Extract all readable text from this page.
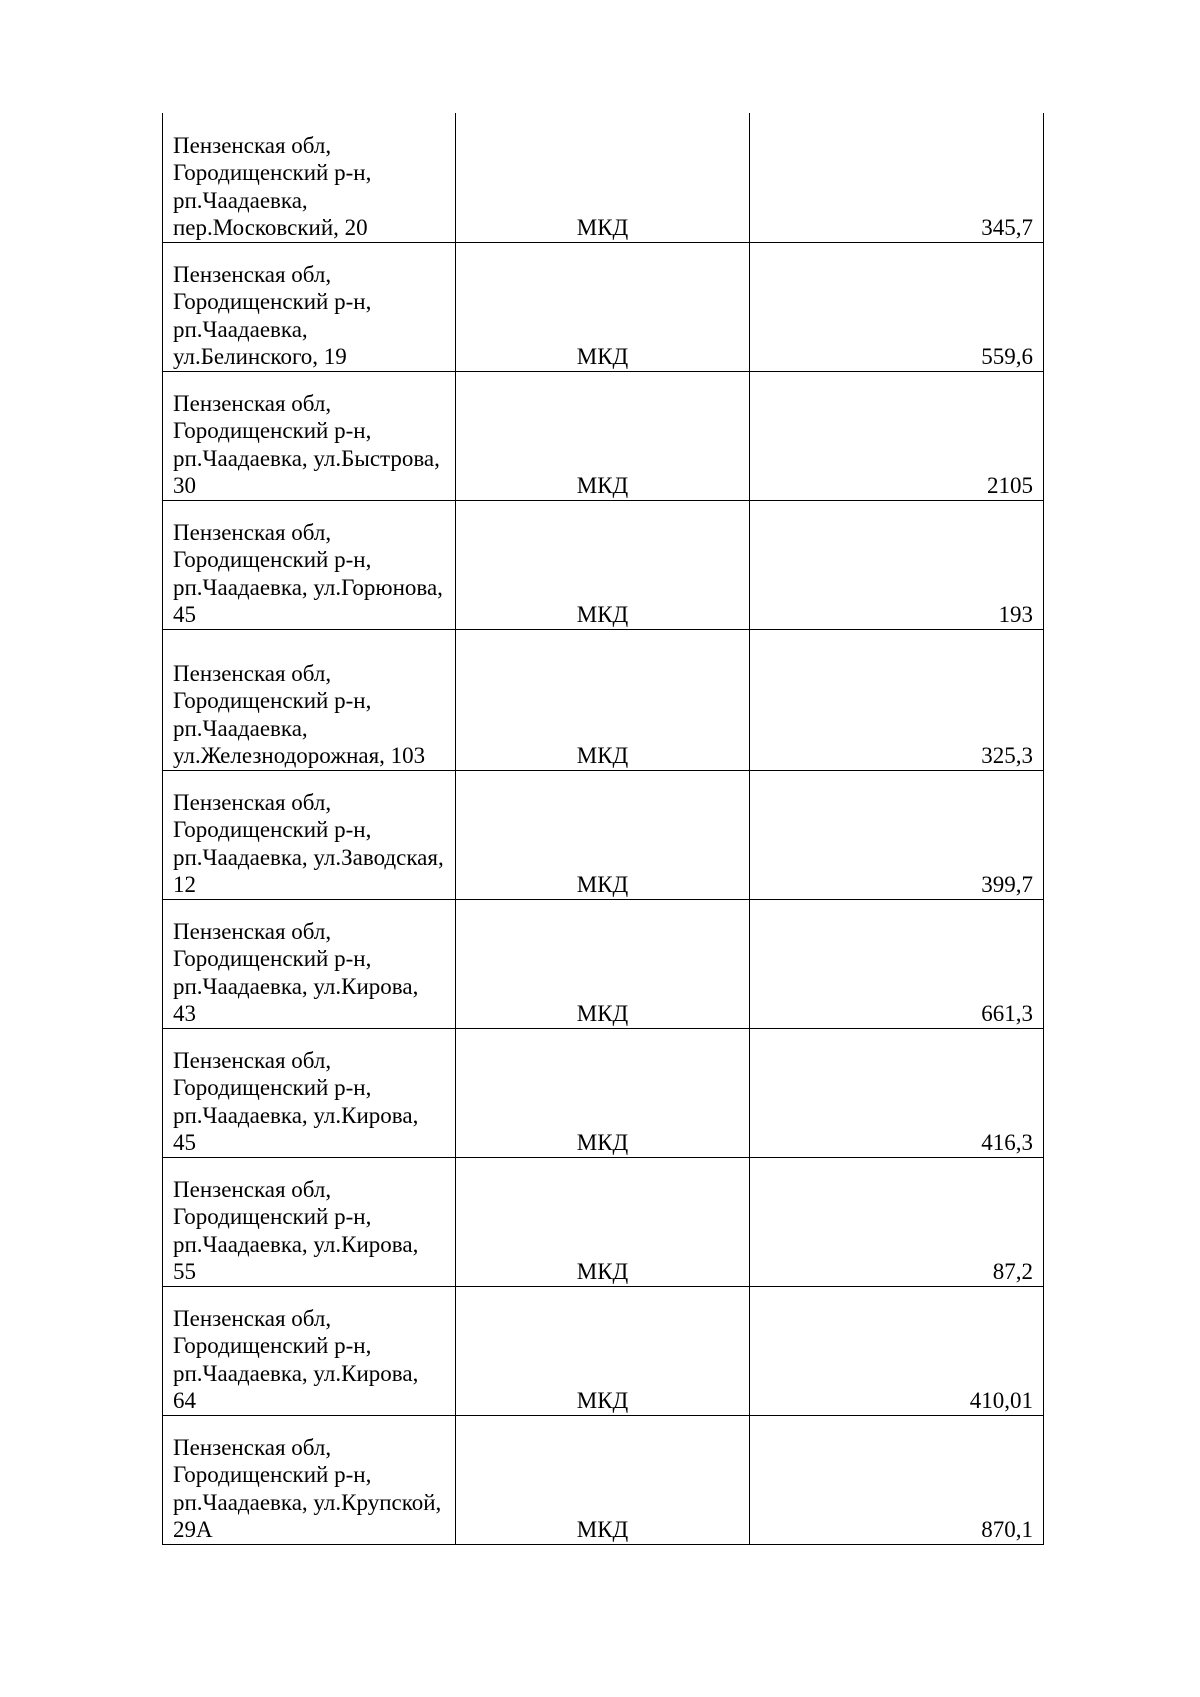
Пензенская обл, Городищенский р-н, рп.Чаадаевка, пер.Московский, 20	МКД	345,7

Пензенская обл, Городищенский р-н, рп.Чаадаевка, ул.Белинского, 19	МКД	559,6

Пензенская обл, Городищенский р-н, рп.Чаадаевка, ул.Быстрова, 30	МКД	2105

Пензенская обл, Городищенский р-н, рп.Чаадаевка, ул.Горюнова, 45	МКД	193

Пензенская обл, Городищенский р-н, рп.Чаадаевка, ул.Железнодорожная, 103	МКД	325,3

Пензенская обл, Городищенский р-н, рп.Чаадаевка, ул.Заводская, 12	МКД	399,7

Пензенская обл, Городищенский р-н, рп.Чаадаевка, ул.Кирова, 43	МКД	661,3

Пензенская обл, Городищенский р-н, рп.Чаадаевка, ул.Кирова, 45	МКД	416,3

Пензенская обл, Городищенский р-н, рп.Чаадаевка, ул.Кирова, 55	МКД	87,2

Пензенская обл, Городищенский р-н, рп.Чаадаевка, ул.Кирова, 64	МКД	410,01

Пензенская обл, Городищенский р-н, рп.Чаадаевка, ул.Крупской, 29А	МКД	870,1
